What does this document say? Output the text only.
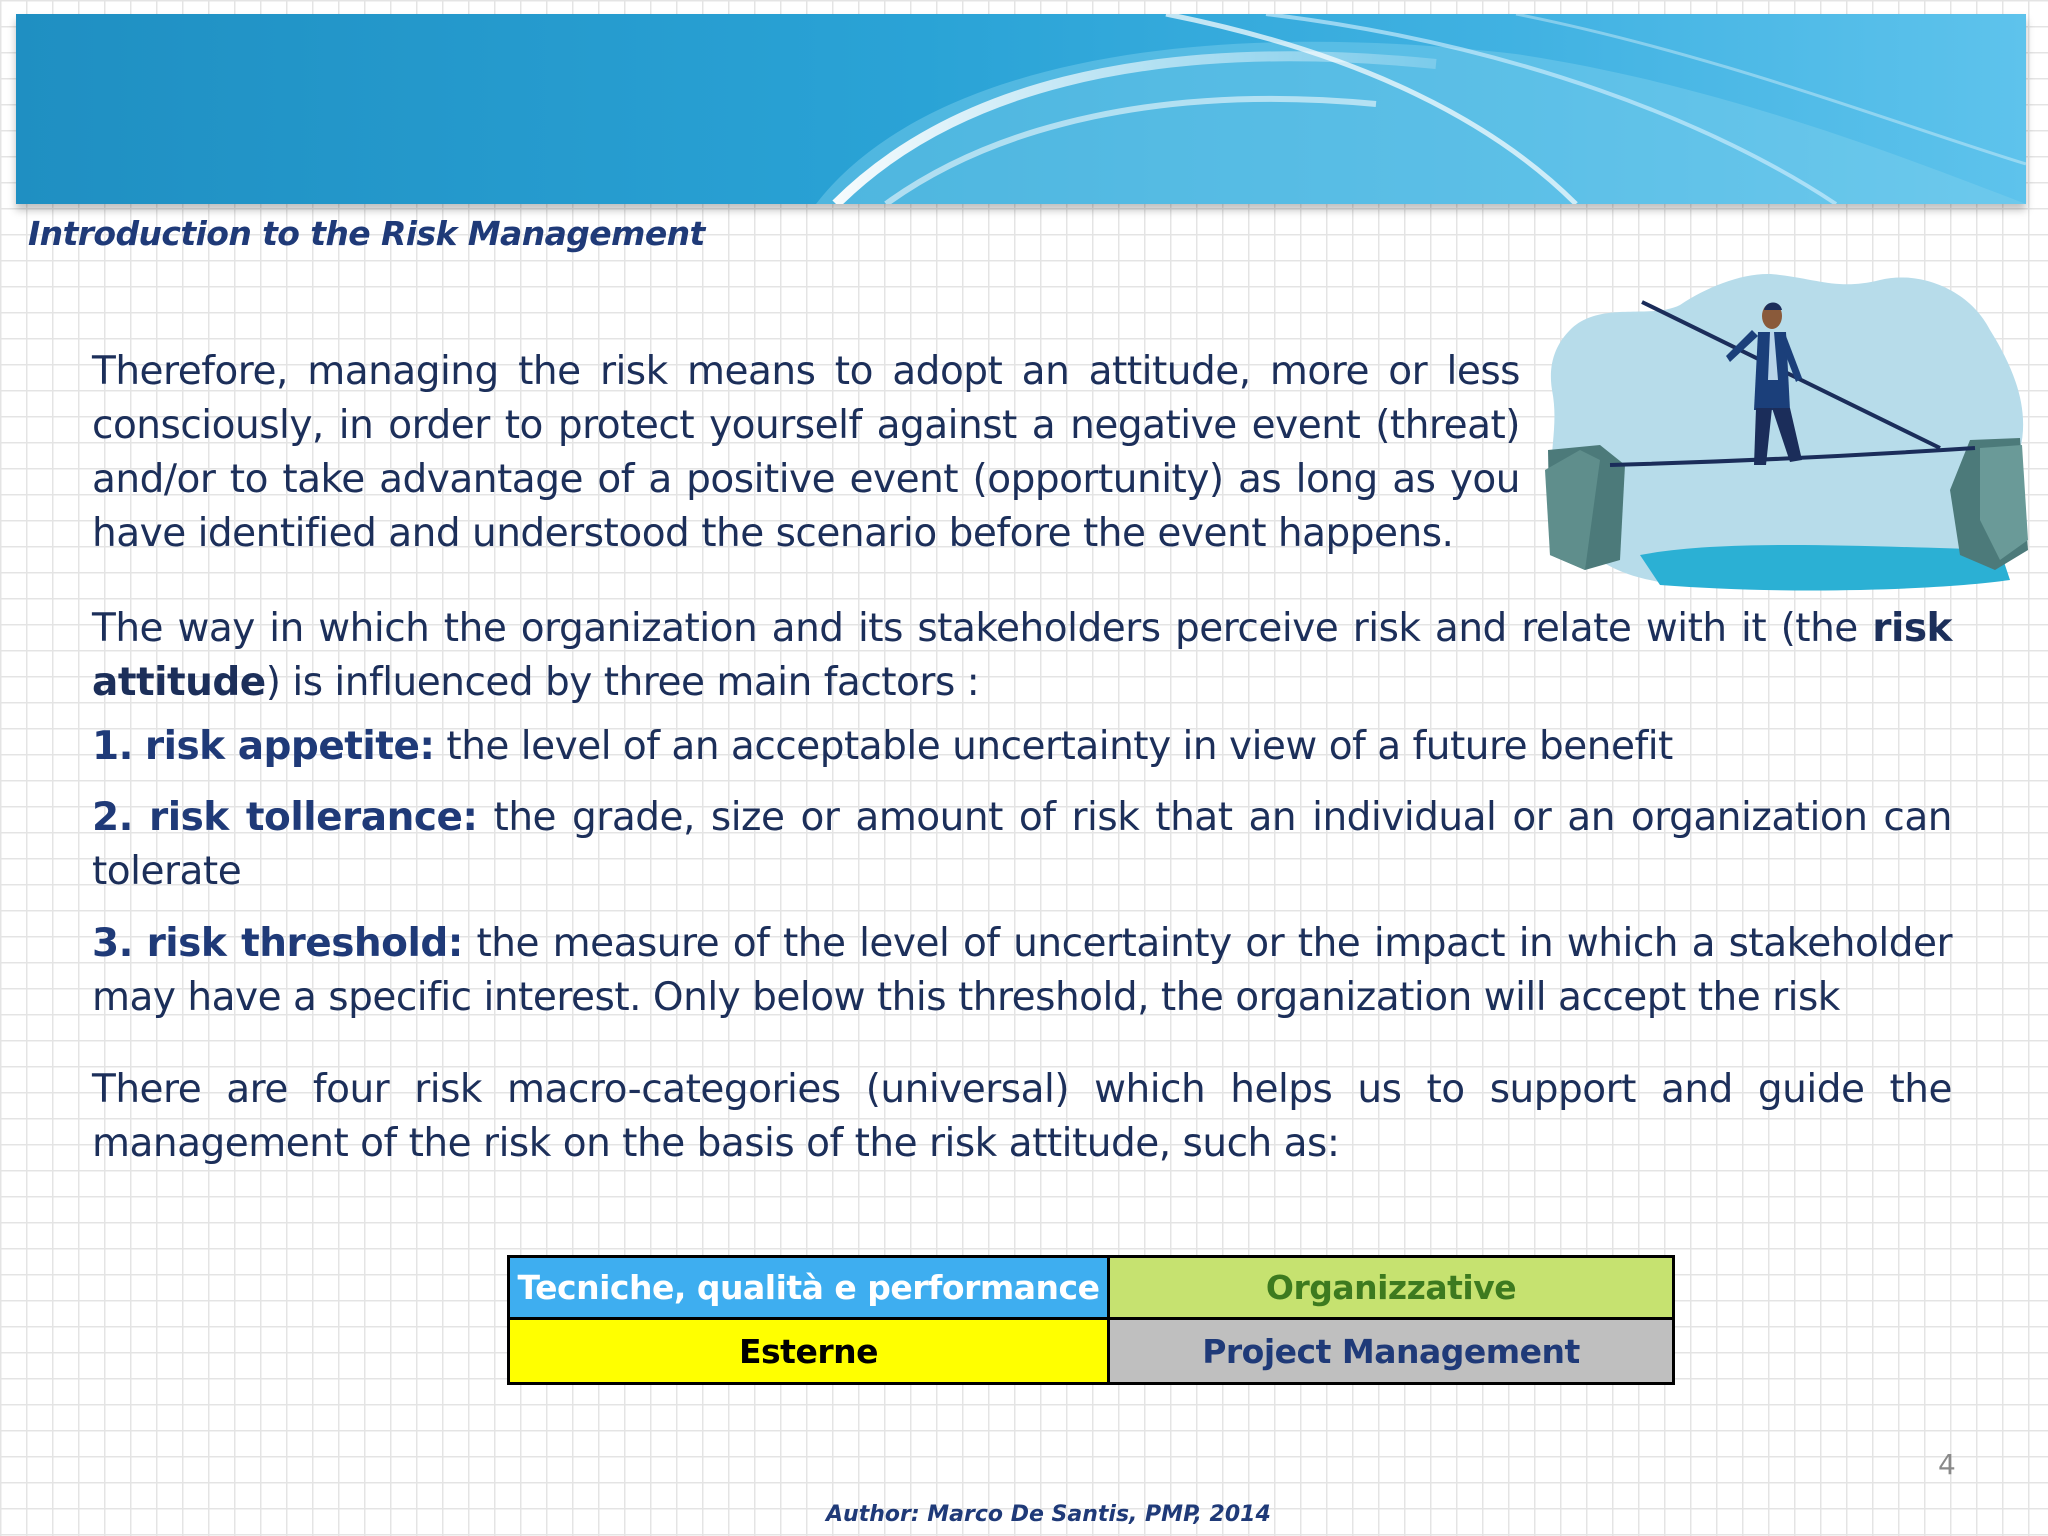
Introduction to the Risk Management
Therefore, managing the risk means to adopt an attitude, more or less consciously, in order to protect yourself against a negative event (threat) and/or to take advantage of a positive event (opportunity) as long as you have identified and understood the scenario before the event happens.
The way in which the organization and its stakeholders perceive risk and relate with it (the risk attitude) is influenced by three main factors :
1. risk appetite: the level of an acceptable uncertainty in view of a future benefit
2. risk tollerance: the grade, size or amount of risk that an individual or an organization can tolerate
3. risk threshold: the measure of the level of uncertainty or the impact in which a stakeholder may have a specific interest. Only below this threshold, the organization will accept the risk
There are four risk macro-categories (universal) which helps us to support and guide the management of the risk on the basis of the risk attitude, such as:
Tecniche, qualità e performance	Organizzative
Esterne	Project Management
4
Author: Marco De Santis, PMP, 2014
